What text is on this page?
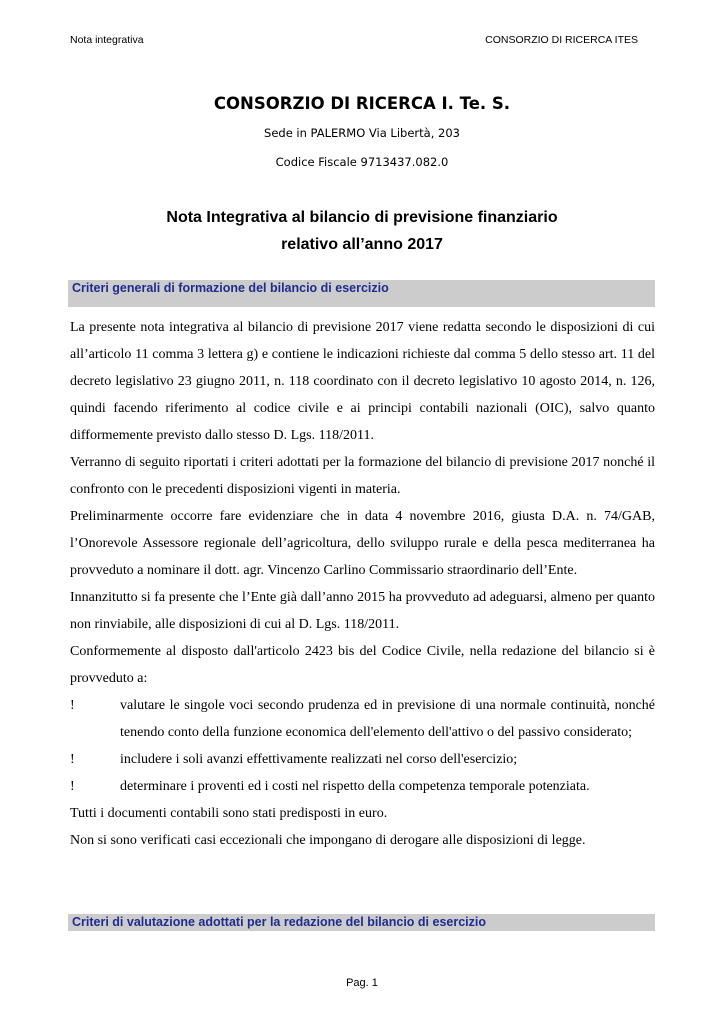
Nota integrativa	CONSORZIO DI RICERCA ITES
CONSORZIO DI RICERCA I. Te. S.
Sede in PALERMO Via Libertà, 203
Codice Fiscale 9713437.082.0
Nota Integrativa al bilancio di previsione finanziario
relativo all’anno 2017
Criteri generali di formazione del bilancio di esercizio

La presente nota integrativa al bilancio di previsione 2017 viene redatta secondo le disposizioni di cui all’articolo 11 comma 3 lettera g) e contiene le indicazioni richieste dal comma 5 dello stesso art. 11 del decreto legislativo 23 giugno 2011, n. 118 coordinato con il decreto legislativo 10 agosto 2014, n. 126, quindi facendo riferimento al codice civile e ai principi contabili nazionali (OIC), salvo quanto difformemente previsto dallo stesso D. Lgs. 118/2011.

Verranno di seguito riportati i criteri adottati per la formazione del bilancio di previsione 2017 nonché il confronto con le precedenti disposizioni vigenti in materia.

Preliminarmente occorre fare evidenziare che in data 4 novembre 2016, giusta D.A. n. 74/GAB, l’Onorevole Assessore regionale dell’agricoltura, dello sviluppo rurale e della pesca mediterranea ha provveduto a nominare il dott. agr. Vincenzo Carlino Commissario straordinario dell’Ente.

Innanzitutto si fa presente che l’Ente già dall’anno 2015 ha provveduto ad adeguarsi, almeno per quanto non rinviabile, alle disposizioni di cui al D. Lgs. 118/2011.

Conformemente al disposto dall'articolo 2423 bis del Codice Civile, nella redazione del bilancio si è provveduto a:

!	valutare le singole voci secondo prudenza ed in previsione di una normale continuità, nonché tenendo conto della funzione economica dell'elemento dell'attivo o del passivo considerato;
!	includere i soli avanzi effettivamente realizzati nel corso dell'esercizio;
!	determinare i proventi ed i costi nel rispetto della competenza temporale potenziata.

Tutti i documenti contabili sono stati predisposti in euro.

Non si sono verificati casi eccezionali che impongano di derogare alle disposizioni di legge.

Criteri di valutazione adottati per la redazione del bilancio di esercizio
Pag. 1
